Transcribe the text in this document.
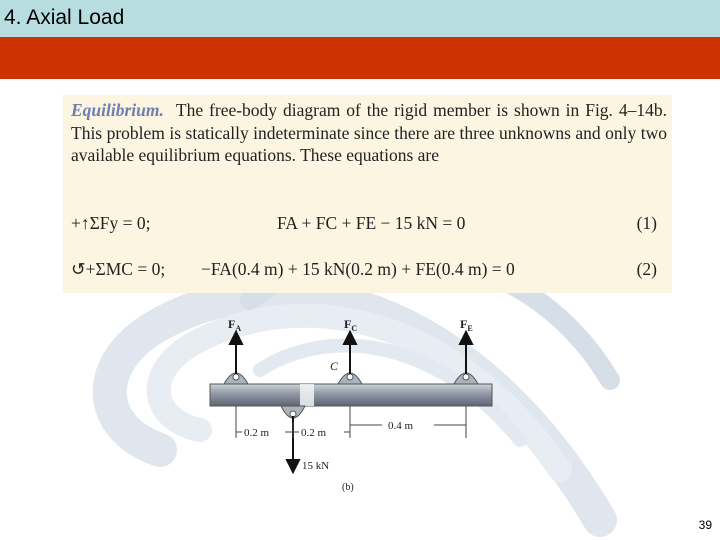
4. Axial Load
Equilibrium. The free-body diagram of the rigid member is shown in Fig. 4–14b. This problem is statically indeterminate since there are three unknowns and only two available equilibrium equations. These equations are
+↑ΣFy = 0;	FA + FC + FE − 15 kN = 0	(1)
↺+ΣMC = 0; −FA(0.4 m) + 15 kN(0.2 m) + FE(0.4 m) = 0	(2)
$F_A$	$F_C$	$F_E$
C
0.2 m	0.2 m
0.4 m
15 kN
(b)
39
